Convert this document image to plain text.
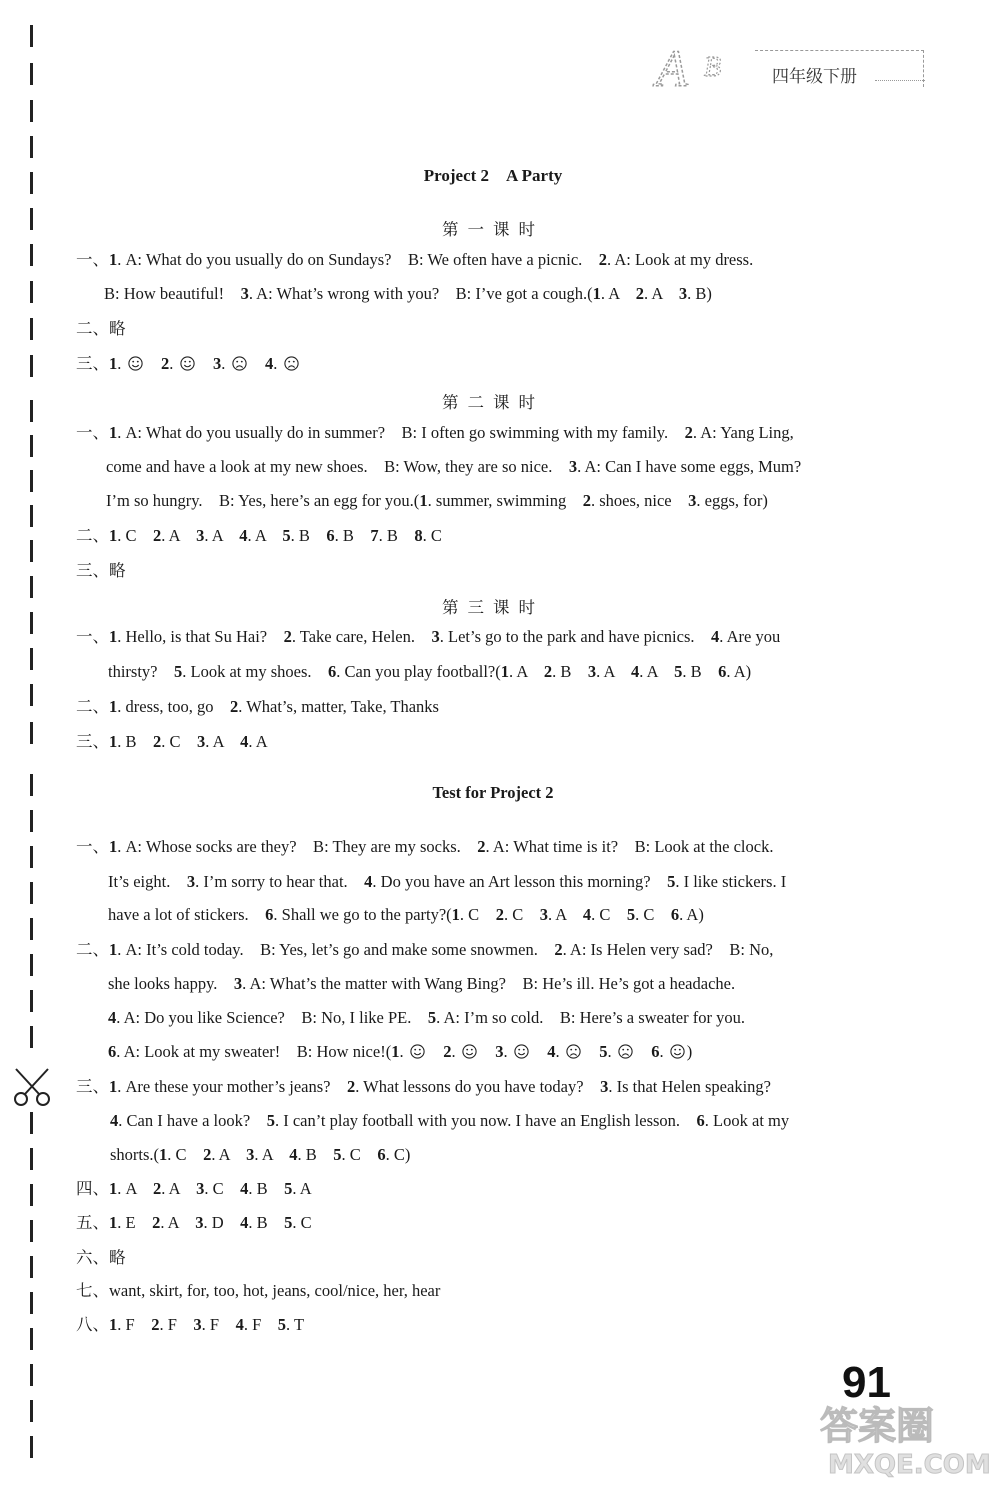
A B	四年级下册
Project 2　A Party
第一课时
一、1. A: What do you usually do on Sundays?　B: We often have a picnic.　2. A: Look at my dress.
B: How beautiful!　3. A: What’s wrong with you?　B: I’ve got a cough.(1. A　2. A　3. B)
二、略
三、1.
　2.
　3.
　4.
第二课时
一、1. A: What do you usually do in summer?　B: I often go swimming with my family.　2. A: Yang Ling,
come and have a look at my new shoes.　B: Wow, they are so nice.　3. A: Can I have some eggs, Mum?
I’m so hungry.　B: Yes, here’s an egg for you.(1. summer, swimming　2. shoes, nice　3. eggs, for)
二、1. C　2. A　3. A　4. A　5. B　6. B　7. B　8. C
三、略
第三课时
一、1. Hello, is that Su Hai?　2. Take care, Helen.　3. Let’s go to the park and have picnics.　4. Are you
thirsty?　5. Look at my shoes.　6. Can you play football?(1. A　2. B　3. A　4. A　5. B　6. A)
二、1. dress, too, go　2. What’s, matter, Take, Thanks
三、1. B　2. C　3. A　4. A
Test for Project 2
一、1. A: Whose socks are they?　B: They are my socks.　2. A: What time is it?　B: Look at the clock.
It’s eight.　3. I’m sorry to hear that.　4. Do you have an Art lesson this morning?　5. I like stickers. I
have a lot of stickers.　6. Shall we go to the party?(1. C　2. C　3. A　4. C　5. C　6. A)
二、1. A: It’s cold today.　B: Yes, let’s go and make some snowmen.　2. A: Is Helen very sad?　B: No,
she looks happy.　3. A: What’s the matter with Wang Bing?　B: He’s ill. He’s got a headache.
4. A: Do you like Science?　B: No, I like PE.　5. A: I’m so cold.　B: Here’s a sweater for you.
6. A: Look at my sweater!　B: How nice!(1.
　2.
　3.
　4.
　5.
　6.
)
三、1. Are these your mother’s jeans?　2. What lessons do you have today?　3. Is that Helen speaking?
4. Can I have a look?　5. I can’t play football with you now. I have an English lesson.　6. Look at my
shorts.(1. C　2. A　3. A　4. B　5. C　6. C)
四、1. A　2. A　3. C　4. B　5. A
五、1. E　2. A　3. D　4. B　5. C
六、略
七、want, skirt, for, too, hot, jeans, cool/nice, her, hear
八、1. F　2. F　3. F　4. F　5. T
91
答案圈
MXQE.COM
